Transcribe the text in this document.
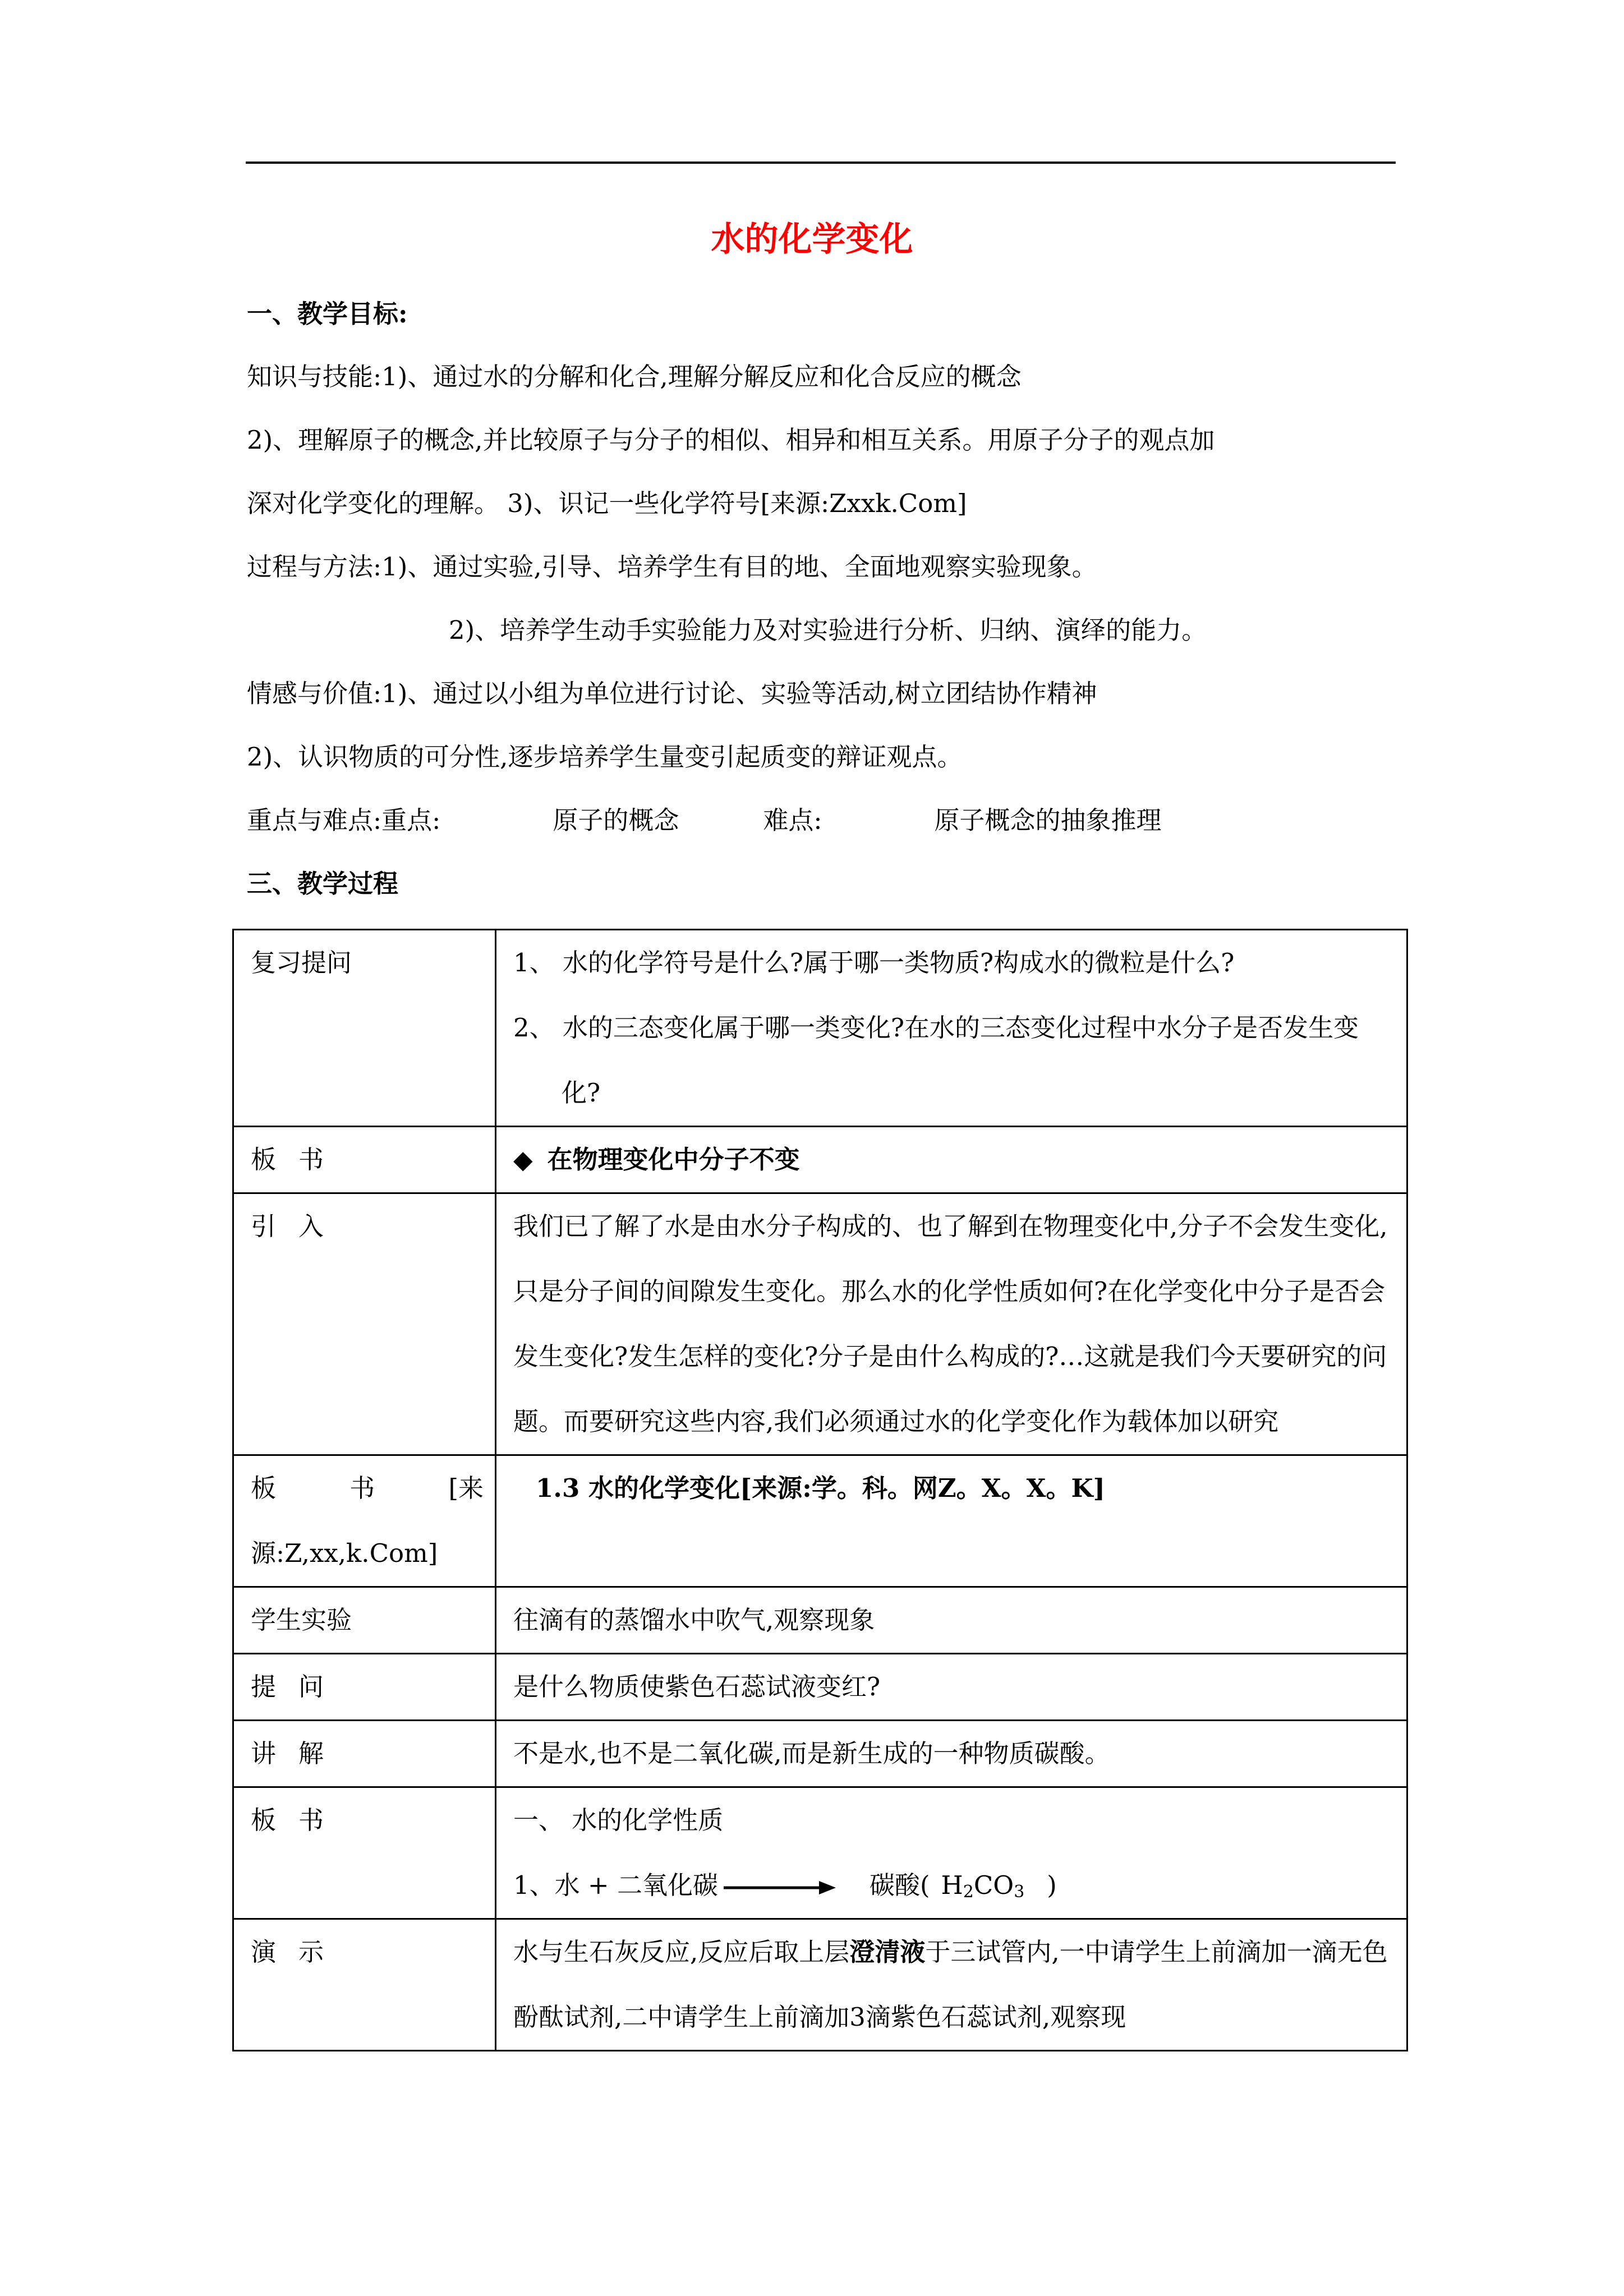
水的化学变化
一、教学目标:
知识与技能:1)、通过水的分解和化合,理解分解反应和化合反应的概念
2)、理解原子的概念,并比较原子与分子的相似、相异和相互关系。用原子分子的观点加
深对化学变化的理解。 3)、识记一些化学符号[来源:Zxxk.Com]
过程与方法:1)、通过实验,引导、培养学生有目的地、全面地观察实验现象。
2)、培养学生动手实验能力及对实验进行分析、归纳、演绎的能力。
情感与价值:1)、通过以小组为单位进行讨论、实验等活动,树立团结协作精神
2)、认识物质的可分性,逐步培养学生量变引起质变的辩证观点。
重点与难点:重点:	原子的概念	难点:	原子概念的抽象推理
三、教学过程
复习提问	1、 水的化学符号是什么?属于哪一类物质?构成水的微粒是什么?
2、 水的三态变化属于哪一类变化?在水的三态变化过程中水分子是否发生变化?

板书	◆ 在物理变化中分子不变
引入	我们已了解了水是由水分子构成的、也了解到在物理变化中,分子不会发生变化,只是分子间的间隙发生变化。那么水的化学性质如何?在化学变化中分子是否会发生变化?发生怎样的变化?分子是由什么构成的?…这就是我们今天要研究的问题。而要研究这些内容,我们必须通过水的化学变化作为载体加以研究

板 书 [来
源:Z,xx,k.Com]	1.3 水的化学变化[来源:学。科。网Z。X。X。K]
学生实验	往滴有的蒸馏水中吹气,观察现象
提问	是什么物质使紫色石蕊试液变红?
讲解	不是水,也不是二氧化碳,而是新生成的一种物质碳酸。
板书	一、 水的化学性质
1、水 + 二氧化碳 碳酸( $H_2CO_3$ )

演示	水与生石灰反应,反应后取上层澄清液于三试管内,一中请学生上前滴加一滴无色酚酞试剂,二中请学生上前滴加3滴紫色石蕊试剂,观察现
